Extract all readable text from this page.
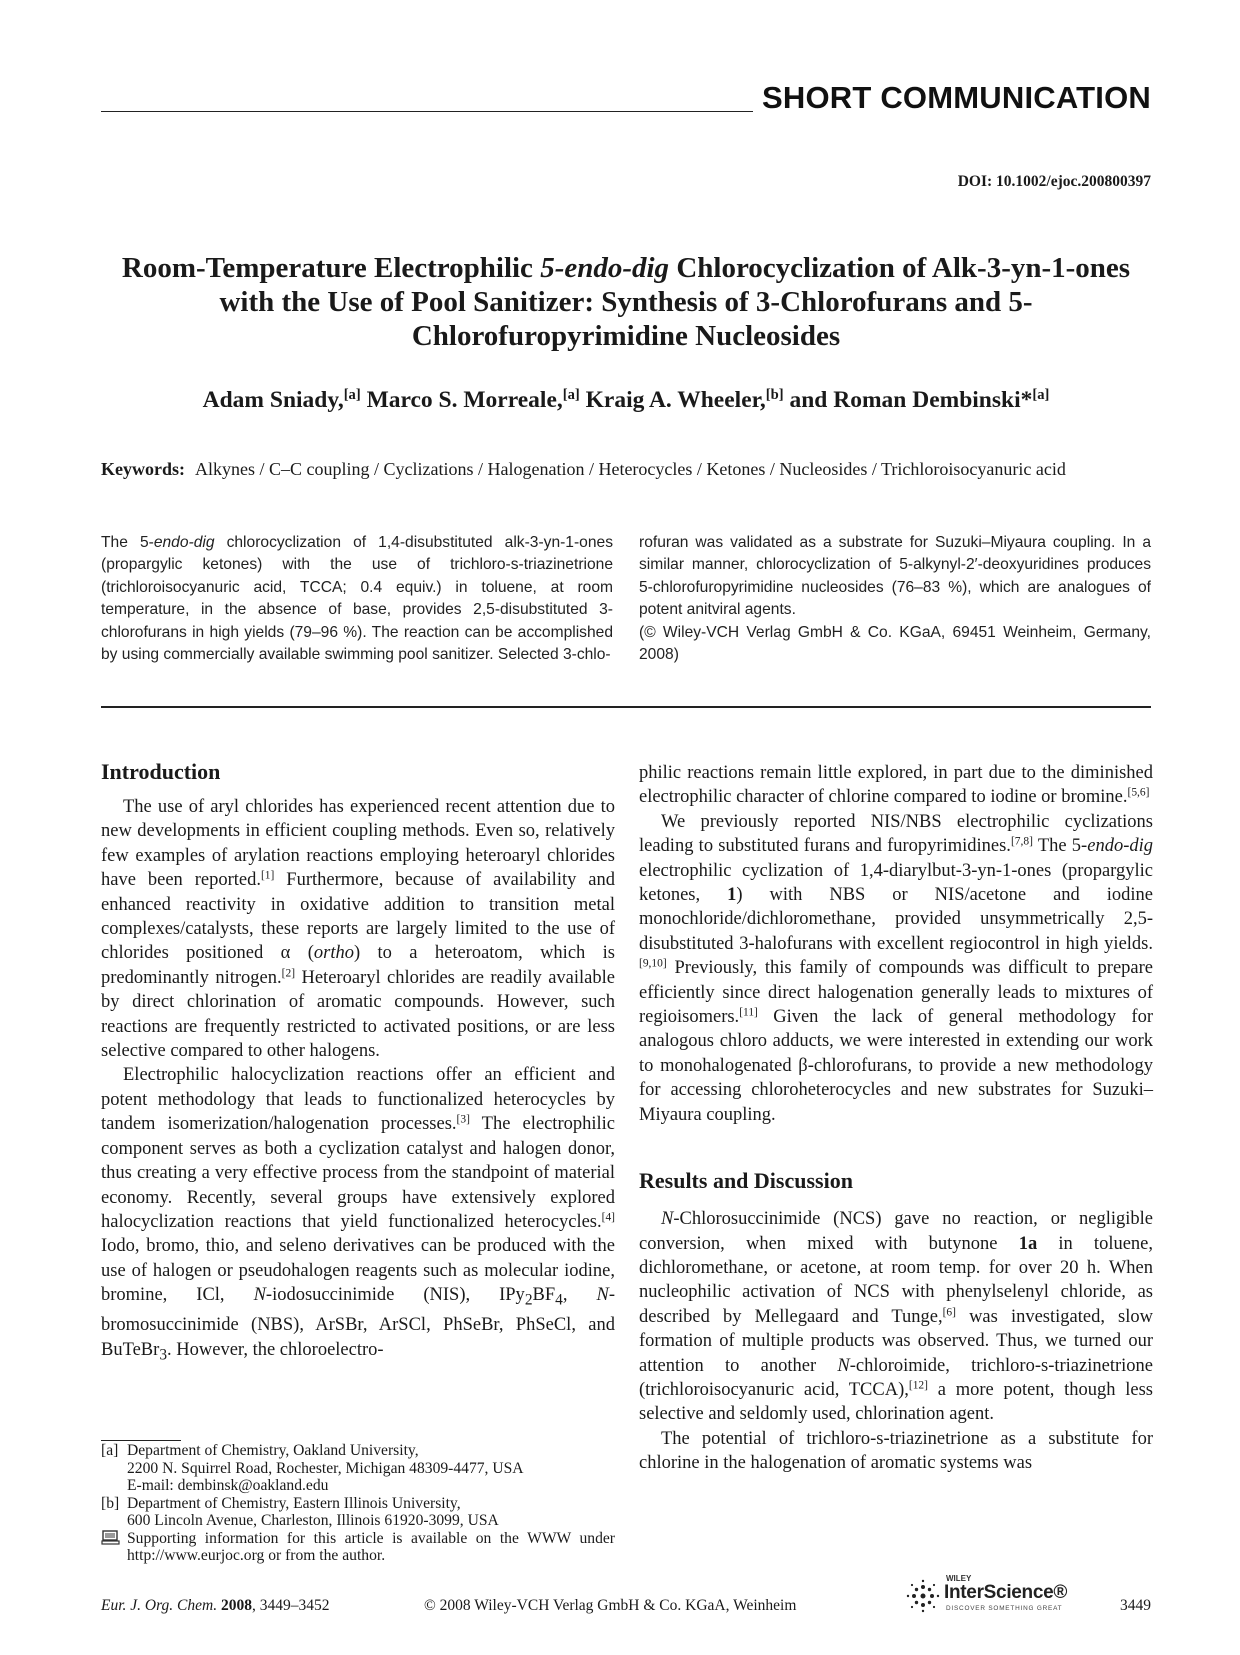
SHORT COMMUNICATION
DOI: 10.1002/ejoc.200800397
Room-Temperature Electrophilic 5-endo-dig Chlorocyclization of Alk-3-yn-1-ones with the Use of Pool Sanitizer: Synthesis of 3-Chlorofurans and 5-Chlorofuropyrimidine Nucleosides
Adam Sniady,[a] Marco S. Morreale,[a] Kraig A. Wheeler,[b] and Roman Dembinski*[a]
Keywords: Alkynes / C–C coupling / Cyclizations / Halogenation / Heterocycles / Ketones / Nucleosides / Trichloroisocyanuric acid

The 5-endo-dig chlorocyclization of 1,4-disubstituted alk-3-yn-1-ones (propargylic ketones) with the use of trichloro-s-triazinetrione (trichloroisocyanuric acid, TCCA; 0.4 equiv.) in toluene, at room temperature, in the absence of base, provides 2,5-disubstituted 3-chlorofurans in high yields (79–96 %). The reaction can be accomplished by using commercially available swimming pool sanitizer. Selected 3-chlo-

rofuran was validated as a substrate for Suzuki–Miyaura coupling. In a similar manner, chlorocyclization of 5-alkynyl-2′-deoxyuridines produces 5-chlorofuropyrimidine nucleosides (76–83 %), which are analogues of potent anitviral agents.

(© Wiley-VCH Verlag GmbH & Co. KGaA, 69451 Weinheim, Germany, 2008)

Introduction

The use of aryl chlorides has experienced recent attention due to new developments in efficient coupling methods. Even so, relatively few examples of arylation reactions employing heteroaryl chlorides have been reported.[1] Furthermore, because of availability and enhanced reactivity in oxidative addition to transition metal complexes/catalysts, these reports are largely limited to the use of chlorides positioned α (ortho) to a heteroatom, which is predominantly nitrogen.[2] Heteroaryl chlorides are readily available by direct chlorination of aromatic compounds. However, such reactions are frequently restricted to activated positions, or are less selective compared to other halogens.

Electrophilic halocyclization reactions offer an efficient and potent methodology that leads to functionalized heterocycles by tandem isomerization/halogenation processes.[3] The electrophilic component serves as both a cyclization catalyst and halogen donor, thus creating a very effective process from the standpoint of material economy. Recently, several groups have extensively explored halocyclization reactions that yield functionalized heterocycles.[4] Iodo, bromo, thio, and seleno derivatives can be produced with the use of halogen or pseudohalogen reagents such as molecular iodine, bromine, ICl, N-iodosuccinimide (NIS), $IPy_2BF_4$, N-bromosuccinimide (NBS), ArSBr, ArSCl, PhSeBr, PhSeCl, and BuTeBr$_3$. However, the chloroelectro-

philic reactions remain little explored, in part due to the diminished electrophilic character of chlorine compared to iodine or bromine.[5,6]

We previously reported NIS/NBS electrophilic cyclizations leading to substituted furans and furopyrimidines.[7,8] The 5-endo-dig electrophilic cyclization of 1,4-diarylbut-3-yn-1-ones (propargylic ketones, 1) with NBS or NIS/acetone and iodine monochloride/dichloromethane, provided unsymmetrically 2,5-disubstituted 3-halofurans with excellent regiocontrol in high yields.[9,10] Previously, this family of compounds was difficult to prepare efficiently since direct halogenation generally leads to mixtures of regioisomers.[11] Given the lack of general methodology for analogous chloro adducts, we were interested in extending our work to monohalogenated β-chlorofurans, to provide a new methodology for accessing chloroheterocycles and new substrates for Suzuki–Miyaura coupling.

Results and Discussion

N-Chlorosuccinimide (NCS) gave no reaction, or negligible conversion, when mixed with butynone 1a in toluene, dichloromethane, or acetone, at room temp. for over 20 h. When nucleophilic activation of NCS with phenylselenyl chloride, as described by Mellegaard and Tunge,[6] was investigated, slow formation of multiple products was observed. Thus, we turned our attention to another N-chloroimide, trichloro-s-triazinetrione (trichloroisocyanuric acid, TCCA),[12] a more potent, though less selective and seldomly used, chlorination agent.

The potential of trichloro-s-triazinetrione as a substitute for chlorine in the halogenation of aromatic systems was

[a] Department of Chemistry, Oakland University,
2200 N. Squirrel Road, Rochester, Michigan 48309-4477, USA
E-mail: dembinsk@oakland.edu
[b] Department of Chemistry, Eastern Illinois University,
600 Lincoln Avenue, Charleston, Illinois 61920-3099, USA
Supporting information for this article is available on the WWW under http://www.eurjoc.org or from the author.
Eur. J. Org. Chem. 2008, 3449–3452	© 2008 Wiley-VCH Verlag GmbH & Co. KGaA, Weinheim
WILEY
InterScience®
DISCOVER SOMETHING GREAT	3449
